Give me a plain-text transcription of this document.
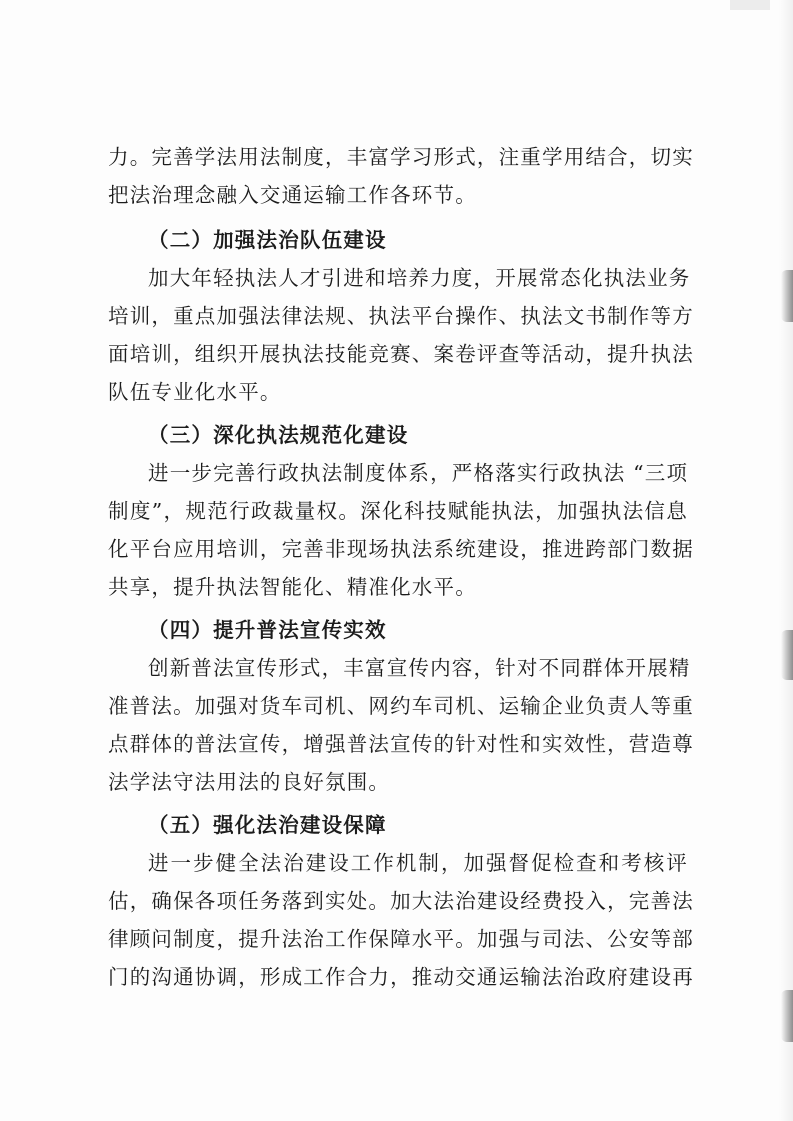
力。完善学法用法制度，丰富学习形式，注重学用结合，切实
把法治理念融入交通运输工作各环节。
（二）加强法治队伍建设
加大年轻执法人才引进和培养力度，开展常态化执法业务
培训，重点加强法律法规、执法平台操作、执法文书制作等方
面培训，组织开展执法技能竞赛、案卷评查等活动，提升执法
队伍专业化水平。
（三）深化执法规范化建设
进一步完善行政执法制度体系，严格落实行政执法 “三项
制度”，规范行政裁量权。深化科技赋能执法，加强执法信息
化平台应用培训，完善非现场执法系统建设，推进跨部门数据
共享，提升执法智能化、精准化水平。
（四）提升普法宣传实效
创新普法宣传形式，丰富宣传内容，针对不同群体开展精
准普法。加强对货车司机、网约车司机、运输企业负责人等重
点群体的普法宣传，增强普法宣传的针对性和实效性，营造尊
法学法守法用法的良好氛围。
（五）强化法治建设保障
进一步健全法治建设工作机制，加强督促检查和考核评
估，确保各项任务落到实处。加大法治建设经费投入，完善法
律顾问制度，提升法治工作保障水平。加强与司法、公安等部
门的沟通协调，形成工作合力，推动交通运输法治政府建设再
